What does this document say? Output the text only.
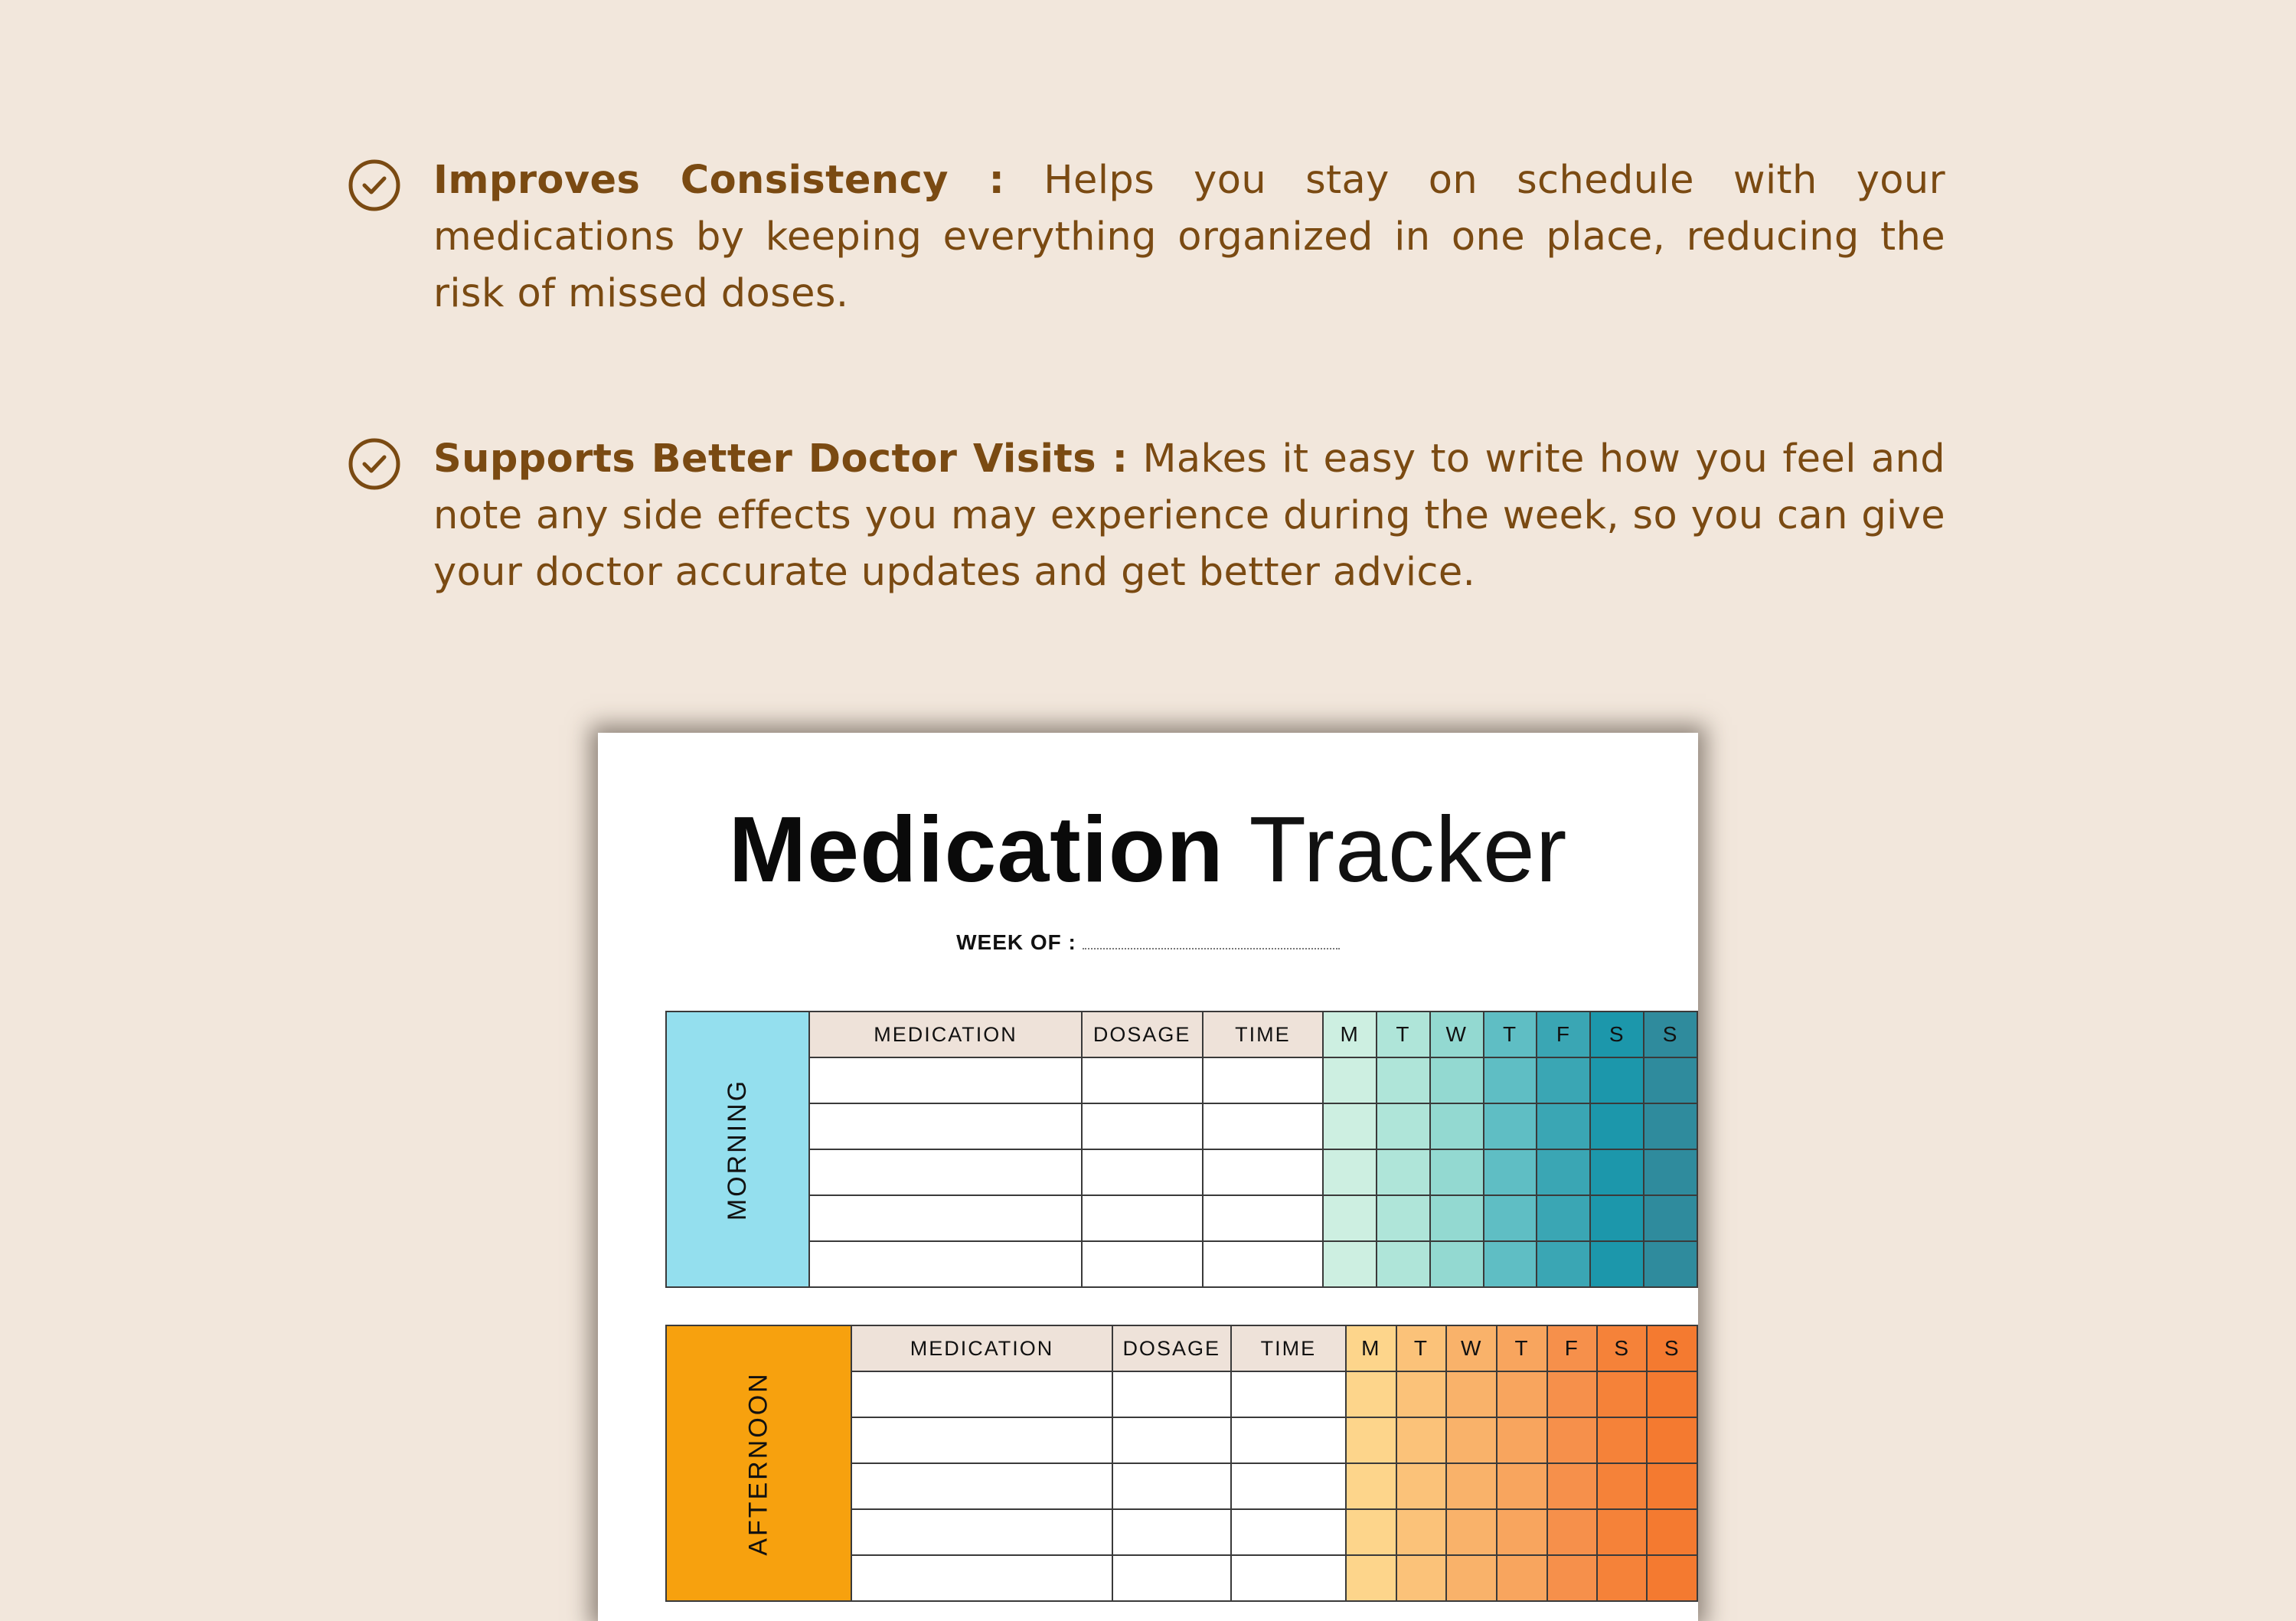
Improves Consistency : Helps you stay on schedule with your medications by keeping everything organized in one place, reducing the risk of missed doses.
Supports Better Doctor Visits : Makes it easy to write how you feel and note any side effects you may experience during the week, so you can give your doctor accurate updates and get better advice.
Medication Tracker
WEEK OF :
MORNING	MEDICATION	DOSAGE	TIME	M	T	W	T	F	S	S

AFTERNOON	MEDICATION	DOSAGE	TIME	M	T	W	T	F	S	S
